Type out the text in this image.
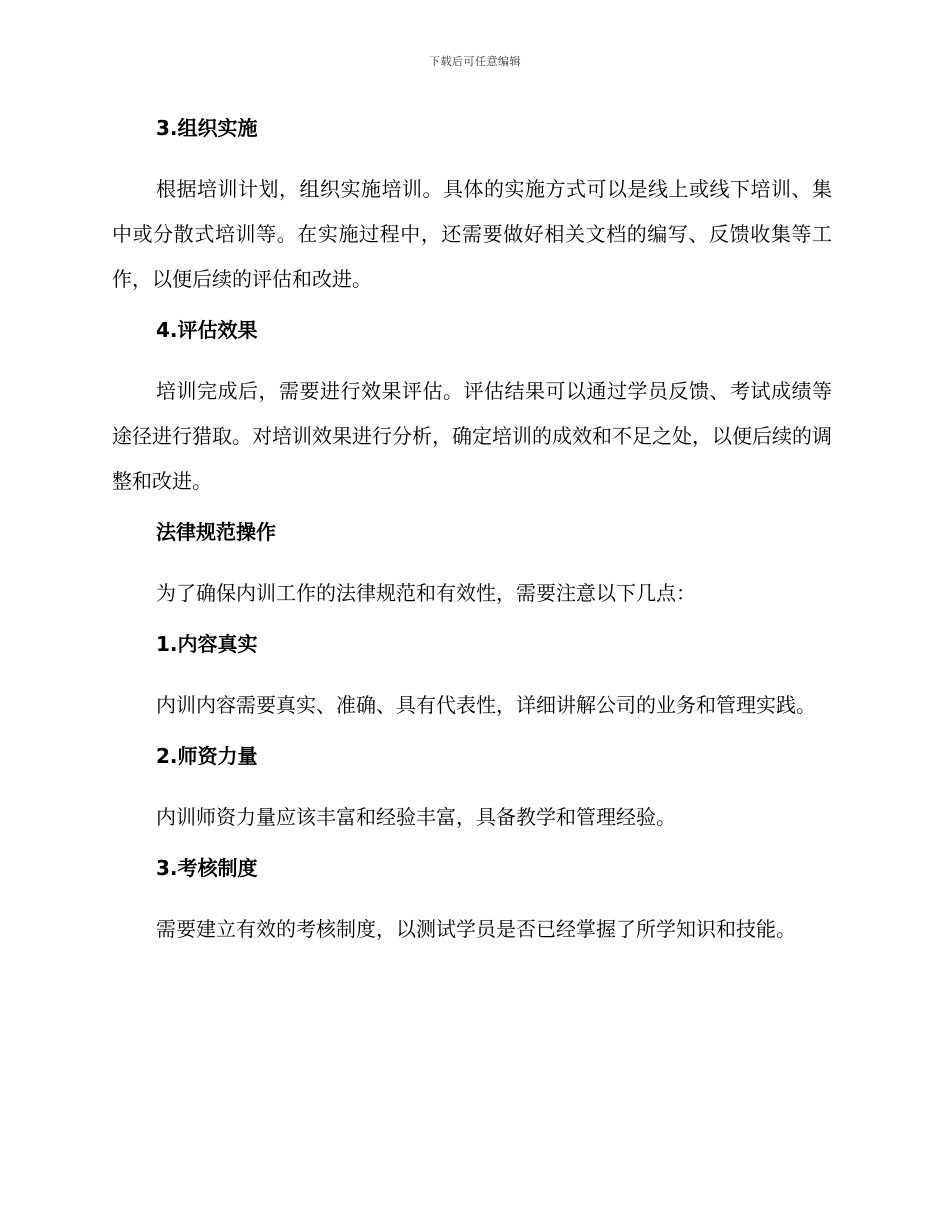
下载后可任意编辑
3.组织实施

根据培训计划，组织实施培训。具体的实施方式可以是线上或线下培训、集中或分散式培训等。在实施过程中，还需要做好相关文档的编写、反馈收集等工作，以便后续的评估和改进。

4.评估效果

培训完成后，需要进行效果评估。评估结果可以通过学员反馈、考试成绩等途径进行猎取。对培训效果进行分析，确定培训的成效和不足之处，以便后续的调整和改进。

法律规范操作

为了确保内训工作的法律规范和有效性，需要注意以下几点：

1.内容真实

内训内容需要真实、准确、具有代表性，详细讲解公司的业务和管理实践。

2.师资力量

内训师资力量应该丰富和经验丰富，具备教学和管理经验。

3.考核制度

需要建立有效的考核制度，以测试学员是否已经掌握了所学知识和技能。
